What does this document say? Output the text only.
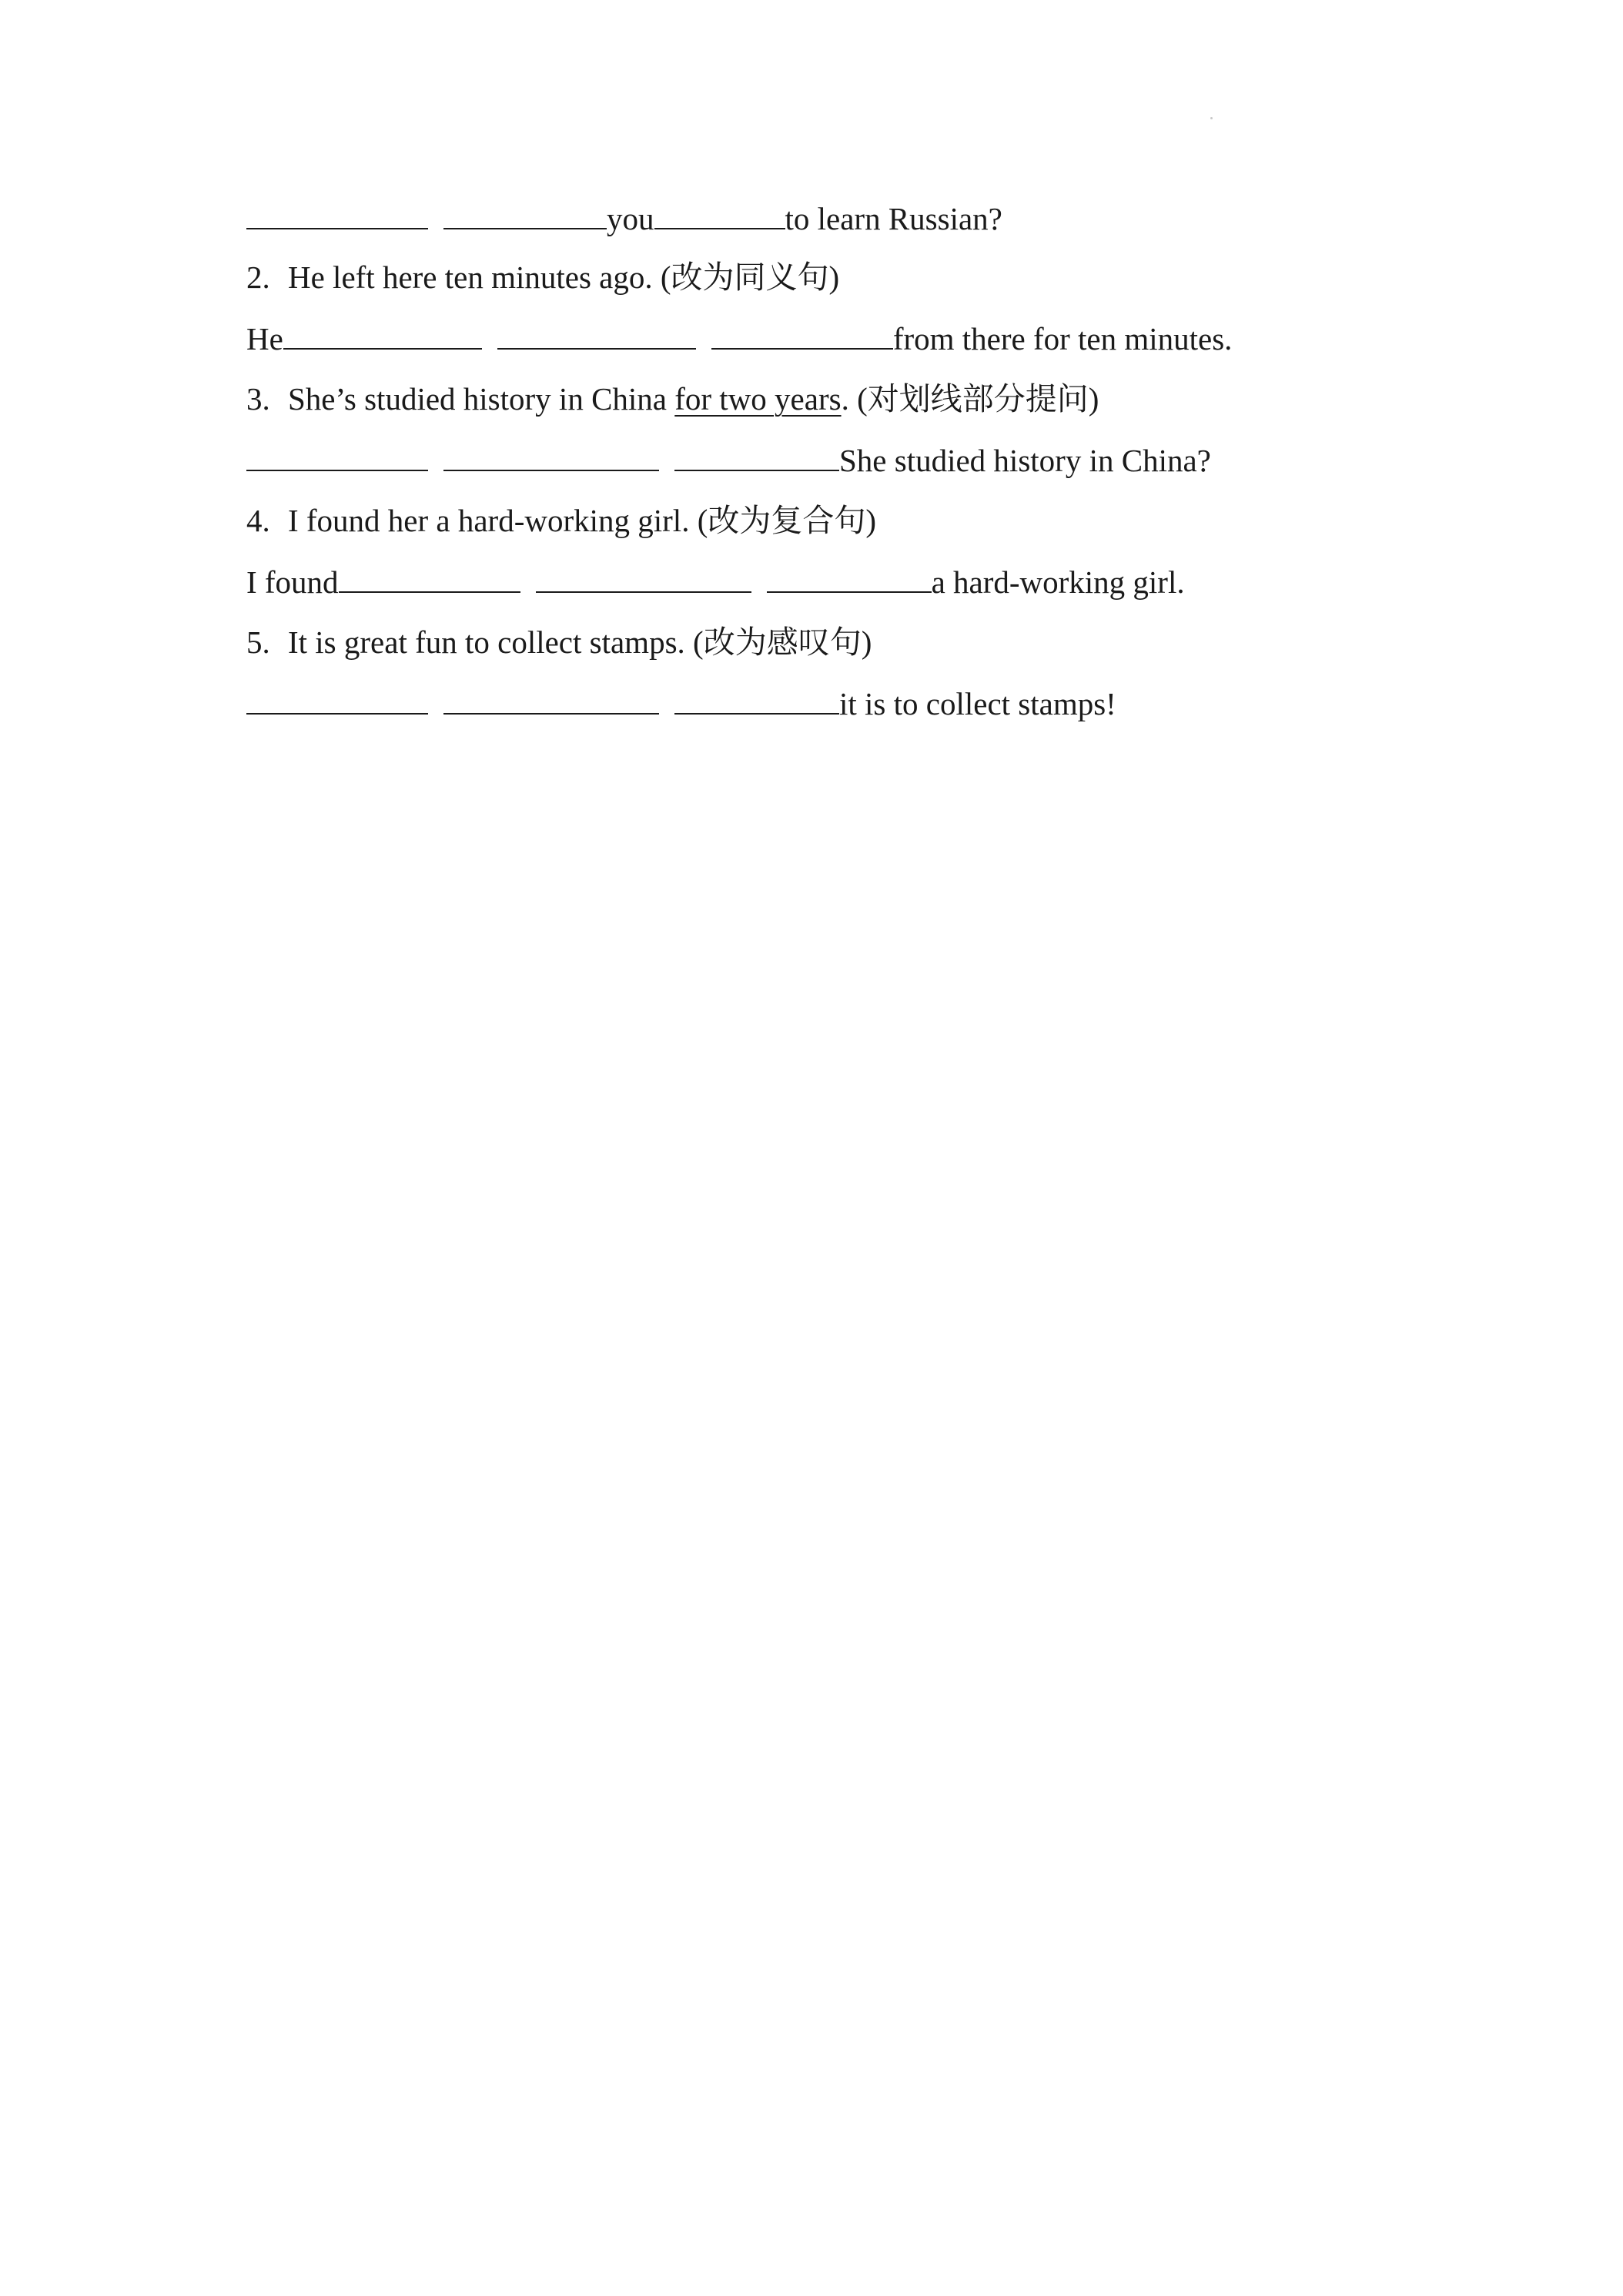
you	to learn Russian?
2. He left here ten minutes ago. (改为同义句)
He	from there for ten minutes.
3. She’s studied history in China for two years. (对划线部分提问)
She studied history in China?
4. I found her a hard-working girl. (改为复合句)
I found	a hard-working girl.
5. It is great fun to collect stamps. (改为感叹句)
it is to collect stamps!
